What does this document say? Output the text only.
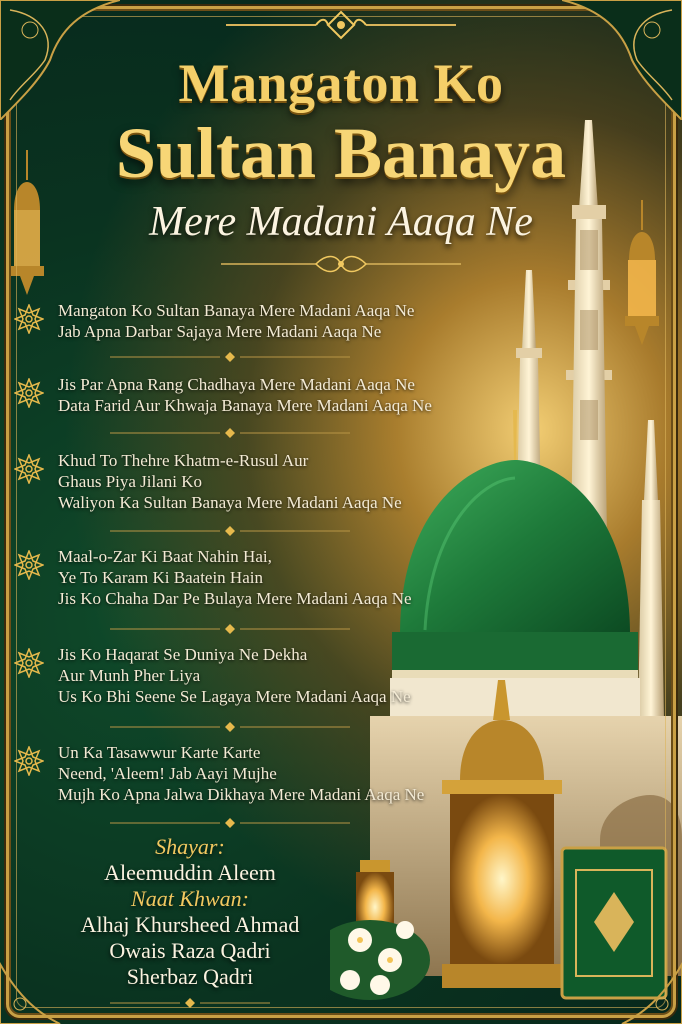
Mangaton Ko
Sultan Banaya
Mere Madani Aaqa Ne
Mangaton Ko Sultan Banaya Mere Madani Aaqa Ne
Jab Apna Darbar Sajaya Mere Madani Aaqa Ne
Jis Par Apna Rang Chadhaya Mere Madani Aaqa Ne
Data Farid Aur Khwaja Banaya Mere Madani Aaqa Ne
Khud To Thehre Khatm-e-Rusul Aur
Ghaus Piya Jilani Ko
Waliyon Ka Sultan Banaya Mere Madani Aaqa Ne
Maal-o-Zar Ki Baat Nahin Hai,
Ye To Karam Ki Baatein Hain
Jis Ko Chaha Dar Pe Bulaya Mere Madani Aaqa Ne
Jis Ko Haqarat Se Duniya Ne Dekha
Aur Munh Pher Liya
Us Ko Bhi Seene Se Lagaya Mere Madani Aaqa Ne
Un Ka Tasawwur Karte Karte
Neend, 'Aleem! Jab Aayi Mujhe
Mujh Ko Apna Jalwa Dikhaya Mere Madani Aaqa Ne
Shayar:
Aleemuddin Aleem
Naat Khwan:
Alhaj Khursheed Ahmad
Owais Raza Qadri
Sherbaz Qadri
